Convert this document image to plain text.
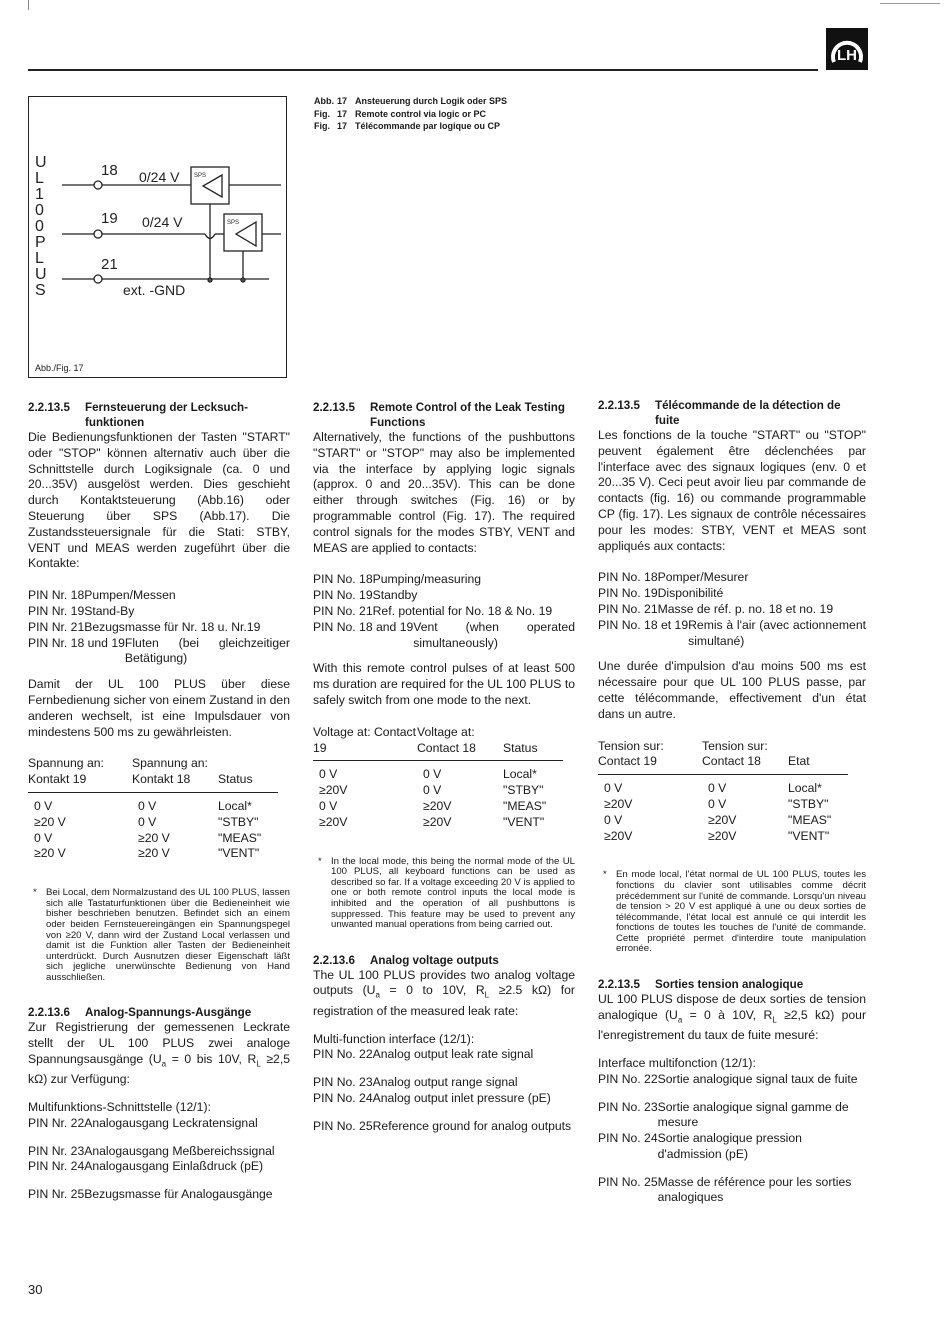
LH
U
L
1
0
0
P
L
U
S
18 0/24 V SPS
19 0/24 V	SPS
21
ext. -GND
Abb./Fig. 17
Abb. 17 Ansteuerung durch Logik oder SPS
Fig. 17 Remote control via logic or PC
Fig. 17 Télécommande par logique ou CP
2.2.13.5	Fernsteuerung der Lecksuch-funktionen
Die Bedienungsfunktionen der Tasten "START" oder "STOP" können alternativ auch über die Schnittstelle durch Logiksignale (ca. 0 und 20...35V) ausgelöst werden. Dies geschieht durch Kontaktsteuerung (Abb.16) oder Steuerung über SPS (Abb.17). Die Zustandssteuersignale für die Stati: STBY, VENT und MEAS werden zugeführt über die Kontakte:
PIN Nr. 18 Pumpen/Messen
PIN Nr. 19 Stand-By
PIN Nr. 21 Bezugsmasse für Nr. 18 u. Nr.19
PIN Nr. 18 und 19 Fluten (bei gleichzeitiger Betätigung)
Damit der UL 100 PLUS über diese Fernbedienung sicher von einem Zustand in den anderen wechselt, ist eine Impulsdauer von mindestens 500 ms zu gewährleisten.
Spannung an: Kontakt 19	Spannung an: Kontakt 18	Status

0 V	0 V	Local*
≥20 V	0 V	"STBY"
0 V	≥20 V	"MEAS"
≥20 V	≥20 V	"VENT"
* Bei Local, dem Normalzustand des UL 100 PLUS, lassen sich alle Tastaturfunktionen über die Bedieneinheit wie bisher beschrieben benutzen. Befindet sich an einem oder beiden Fernsteuereingängen ein Spannungspegel von ≥20 V, dann wird der Zustand Local verlassen und damit ist die Funktion aller Tasten der Bedieneinheit unterdrückt. Durch Ausnutzen dieser Eigenschaft läßt sich jegliche unerwünschte Bedienung von Hand ausschließen.
2.2.13.6	Analog-Spannungs-Ausgänge
Zur Registrierung der gemessenen Leckrate stellt der UL 100 PLUS zwei analoge Spannungsausgänge ($U_a = 0$ bis 10V, $R_L \ge 2,5$ kΩ) zur Verfügung:
Multifunktions-Schnittstelle (12/1):
PIN Nr. 22 Analogausgang Leckratensignal
PIN Nr. 23 Analogausgang Meßbereichssignal
PIN Nr. 24 Analogausgang Einlaßdruck (pE)
PIN Nr. 25 Bezugsmasse für Analogausgänge
2.2.13.5	Remote Control of the Leak Testing Functions
Alternatively, the functions of the pushbuttons "START" or "STOP" may also be implemented via the interface by applying logic signals (approx. 0 and 20...35V). This can be done either through switches (Fig. 16) or by programmable control (Fig. 17). The required control signals for the modes STBY, VENT and MEAS are applied to contacts:
PIN No. 18 Pumping/measuring
PIN No. 19 Standby
PIN No. 21 Ref. potential for No. 18 & No. 19
PIN No. 18 and 19 Vent (when operated simultaneously)
With this remote control pulses of at least 500 ms duration are required for the UL 100 PLUS to safely switch from one mode to the next.
Voltage at: Contact 19	Voltage at: Contact 18	Status

0 V	0 V	Local*
≥20V	0 V	"STBY"
0 V	≥20V	"MEAS"
≥20V	≥20V	"VENT"
* In the local mode, this being the normal mode of the UL 100 PLUS, all keyboard functions can be used as described so far. If a voltage exceeding 20 V is applied to one or both remote control inputs the local mode is inhibited and the operation of all pushbuttons is suppressed. This feature may be used to prevent any unwanted manual operations from being carried out.
2.2.13.6	Analog voltage outputs
The UL 100 PLUS provides two analog voltage outputs ($U_a = 0$ to 10V, $R_L \ge 2.5$ kΩ) for registration of the measured leak rate:
Multi-function interface (12/1):
PIN No. 22 Analog output leak rate signal
PIN No. 23 Analog output range signal
PIN No. 24 Analog output inlet pressure (pE)
PIN No. 25 Reference ground for analog outputs
2.2.13.5	Télécommande de la détection de fuite
Les fonctions de la touche "START" ou "STOP" peuvent également être déclenchées par l'interface avec des signaux logiques (env. 0 et 20...35 V). Ceci peut avoir lieu par commande de contacts (fig. 16) ou commande programmable CP (fig. 17). Les signaux de contrôle nécessaires pour les modes: STBY, VENT et MEAS sont appliqués aux contacts:
PIN No. 18 Pomper/Mesurer
PIN No. 19 Disponibilité
PIN No. 21 Masse de réf. p. no. 18 et no. 19
PIN No. 18 et 19 Remis à l'air (avec actionnement simultané)
Une durée d'impulsion d'au moins 500 ms est nécessaire pour que UL 100 PLUS passe, par cette télécommande, effectivement d'un état dans un autre.
Tension sur: Contact 19	Tension sur: Contact 18	Etat

0 V	0 V	Local*
≥20V	0 V	"STBY"
0 V	≥20V	"MEAS"
≥20V	≥20V	"VENT"
* En mode local, l'état normal de UL 100 PLUS, toutes les fonctions du clavier sont utilisables comme décrit précédemment sur l'unité de commande. Lorsqu'un niveau de tension > 20 V est appliqué à une ou deux sorties de télécommande, l'état local est annulé ce qui interdit les fonctions de toutes les touches de l'unité de commande. Cette propriété permet d'interdire toute manipulation erronée.
2.2.13.5	Sorties tension analogique
UL 100 PLUS dispose de deux sorties de tension analogique ($U_a = 0$ à 10V, $R_L \ge 2,5$ kΩ) pour l'enregistrement du taux de fuite mesuré:
Interface multifonction (12/1):
PIN No. 22 Sortie analogique signal taux de fuite
PIN No. 23 Sortie analogique signal gamme de mesure
PIN No. 24 Sortie analogique pression d'admission (pE)
PIN No. 25 Masse de référence pour les sorties analogiques
30
